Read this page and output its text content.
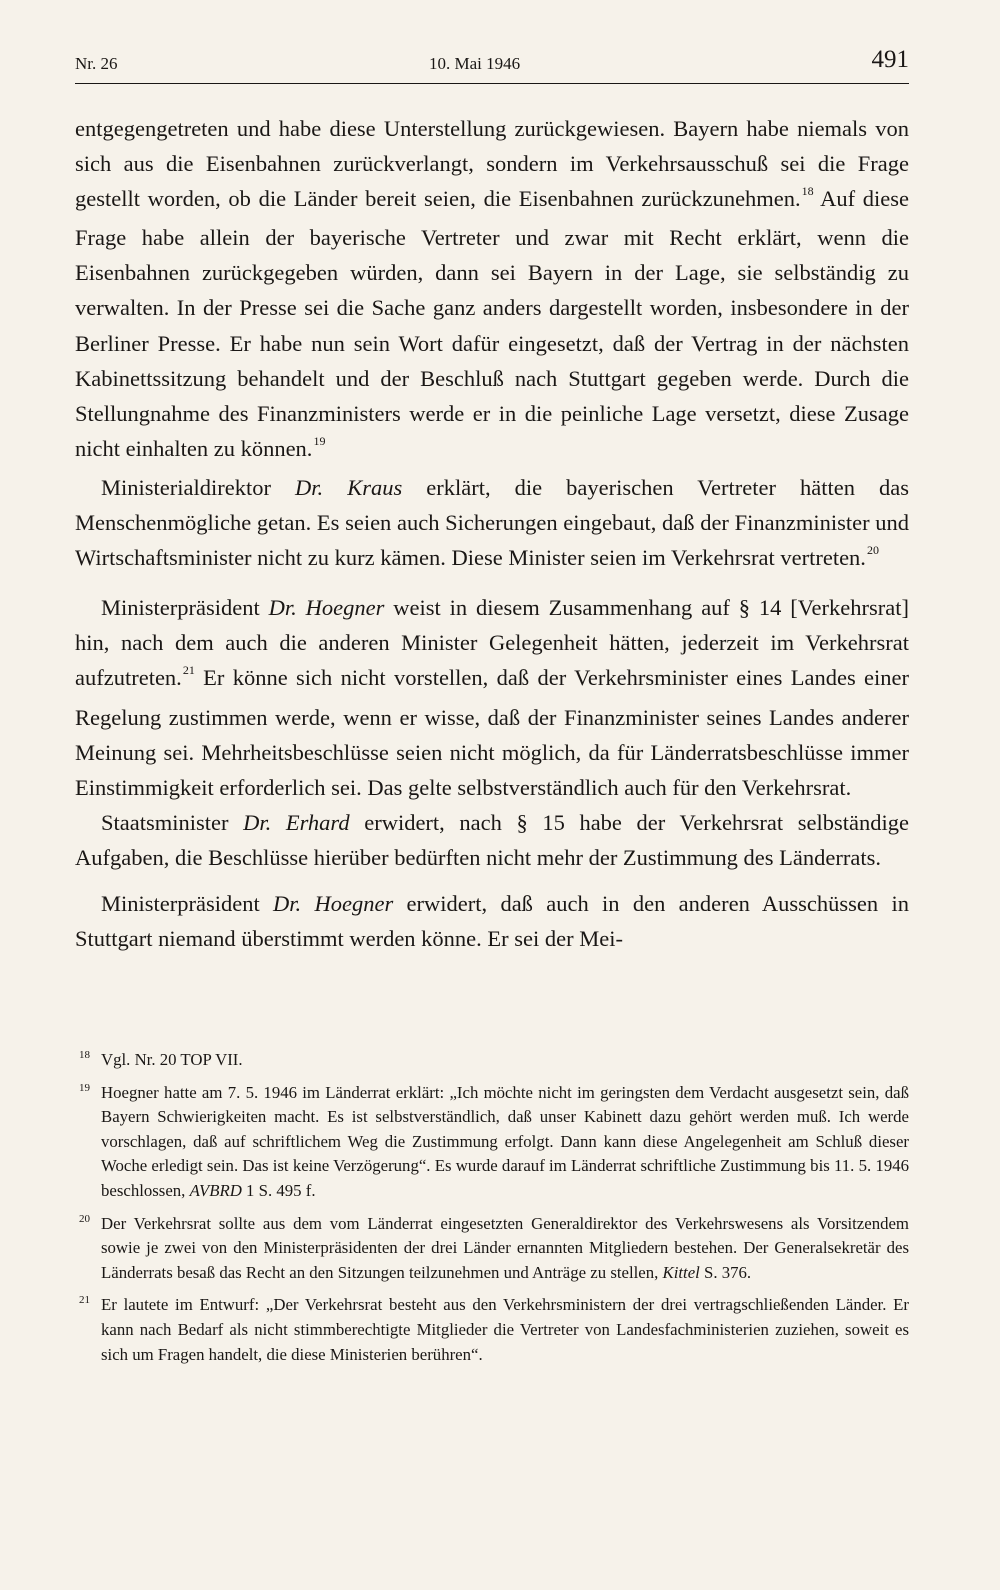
Nr. 26	10. Mai 1946	491

entgegengetreten und habe diese Unterstellung zurückgewiesen. Bayern habe niemals von sich aus die Eisenbahnen zurückverlangt, sondern im Verkehrsausschuß sei die Frage gestellt worden, ob die Länder bereit seien, die Eisenbahnen zurückzunehmen.$^{18}$ Auf diese Frage habe allein der bayerische Vertreter und zwar mit Recht erklärt, wenn die Eisenbahnen zurückgegeben würden, dann sei Bayern in der Lage, sie selbständig zu verwalten. In der Presse sei die Sache ganz anders dargestellt worden, insbesondere in der Berliner Presse. Er habe nun sein Wort dafür eingesetzt, daß der Vertrag in der nächsten Kabinettssitzung behandelt und der Beschluß nach Stuttgart gegeben werde. Durch die Stellungnahme des Finanzministers werde er in die peinliche Lage versetzt, diese Zusage nicht einhalten zu können.$^{19}$

Ministerialdirektor Dr. Kraus erklärt, die bayerischen Vertreter hätten das Menschenmögliche getan. Es seien auch Sicherungen eingebaut, daß der Finanzminister und Wirtschaftsminister nicht zu kurz kämen. Diese Minister seien im Verkehrsrat vertreten.$^{20}$

Ministerpräsident Dr. Hoegner weist in diesem Zusammenhang auf § 14 [Verkehrsrat] hin, nach dem auch die anderen Minister Gelegenheit hätten, jederzeit im Verkehrsrat aufzutreten.$^{21}$ Er könne sich nicht vorstellen, daß der Verkehrsminister eines Landes einer Regelung zustimmen werde, wenn er wisse, daß der Finanzminister seines Landes anderer Meinung sei. Mehrheitsbeschlüsse seien nicht möglich, da für Länderratsbeschlüsse immer Einstimmigkeit erforderlich sei. Das gelte selbstverständlich auch für den Verkehrsrat.

Staatsminister Dr. Erhard erwidert, nach § 15 habe der Verkehrsrat selbständige Aufgaben, die Beschlüsse hierüber bedürften nicht mehr der Zustimmung des Länderrats.

Ministerpräsident Dr. Hoegner erwidert, daß auch in den anderen Ausschüssen in Stuttgart niemand überstimmt werden könne. Er sei der Mei-

18 Vgl. Nr. 20 TOP VII.
19 Hoegner hatte am 7. 5. 1946 im Länderrat erklärt: „Ich möchte nicht im geringsten dem Verdacht ausgesetzt sein, daß Bayern Schwierigkeiten macht. Es ist selbstverständlich, daß unser Kabinett dazu gehört werden muß. Ich werde vorschlagen, daß auf schriftlichem Weg die Zustimmung erfolgt. Dann kann diese Angelegenheit am Schluß dieser Woche erledigt sein. Das ist keine Verzögerung“. Es wurde darauf im Länderrat schriftliche Zustimmung bis 11. 5. 1946 beschlossen, AVBRD 1 S. 495 f.
20 Der Verkehrsrat sollte aus dem vom Länderrat eingesetzten Generaldirektor des Verkehrswesens als Vorsitzendem sowie je zwei von den Ministerpräsidenten der drei Länder ernannten Mitgliedern bestehen. Der Generalsekretär des Länderrats besaß das Recht an den Sitzungen teilzunehmen und Anträge zu stellen, Kittel S. 376.
21 Er lautete im Entwurf: „Der Verkehrsrat besteht aus den Verkehrsministern der drei vertragschließenden Länder. Er kann nach Bedarf als nicht stimmberechtigte Mitglieder die Vertreter von Landesfachministerien zuziehen, soweit es sich um Fragen handelt, die diese Ministerien berühren“.
